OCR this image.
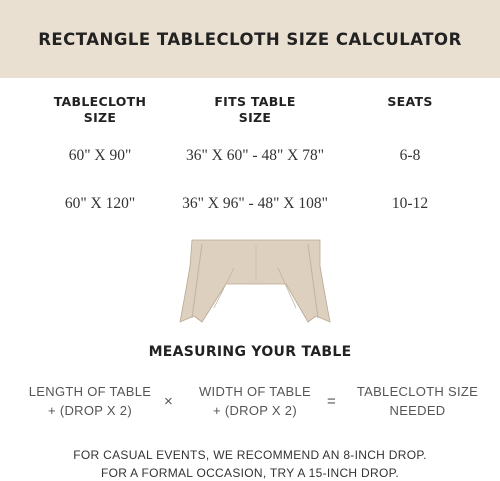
RECTANGLE TABLECLOTH SIZE CALCULATOR
TABLECLOTH
SIZE
FITS TABLE
SIZE
SEATS
60" X 90"	36" X 60" - 48" X 78"	6-8
60" X 120"	36" X 96" - 48" X 108"	10-12
MEASURING YOUR TABLE
LENGTH OF TABLE
+ (DROP X 2)
×
WIDTH OF TABLE
+ (DROP X 2)
=
TABLECLOTH SIZE
NEEDED
FOR CASUAL EVENTS, WE RECOMMEND AN 8-INCH DROP.
FOR A FORMAL OCCASION, TRY A 15-INCH DROP.
